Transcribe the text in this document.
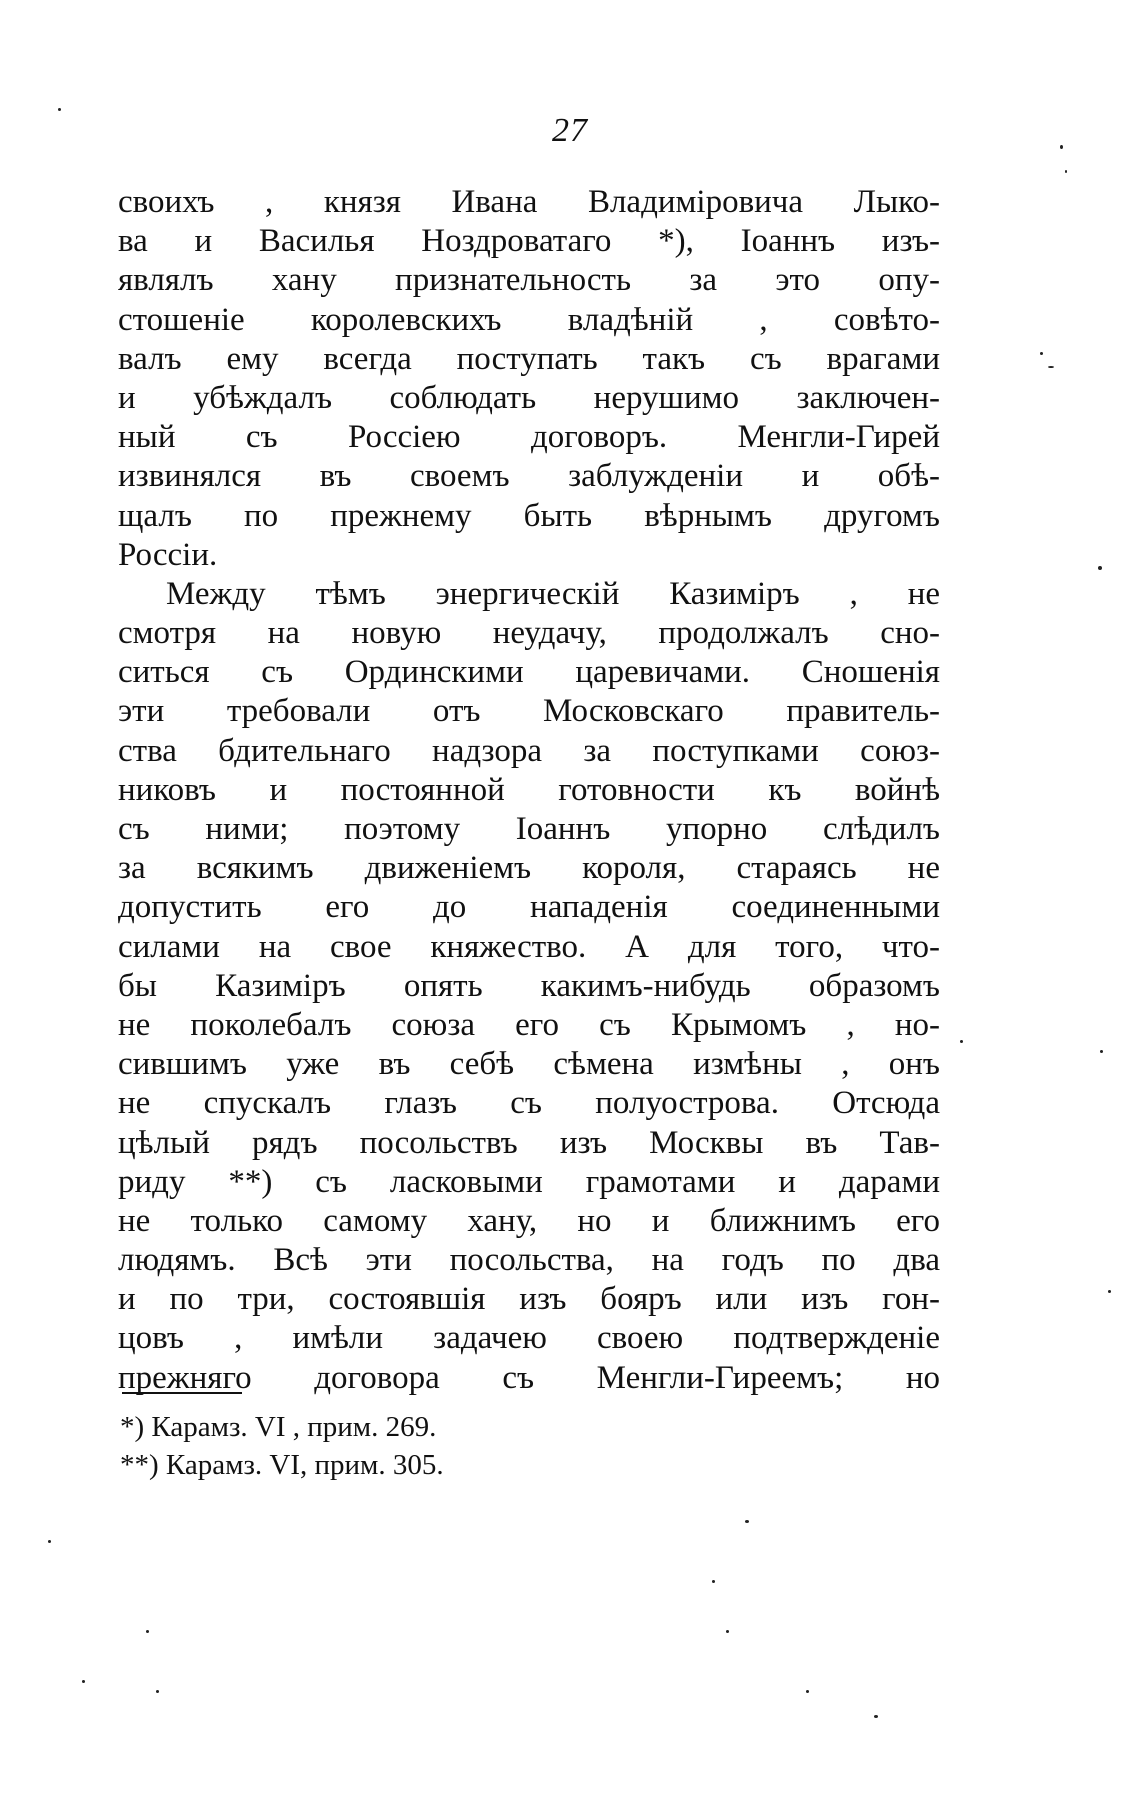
27
своихъ , князя Ивана Владимiровича Лыко-
ва и Василья Ноздроватаго *), Iоаннъ изъ-
являлъ хану признательность за это опу-
стошенiе королевскихъ владѣнiй , совѣто-
валъ ему всегда поступать такъ съ врагами
и убѣждалъ соблюдать нерушимо заключен-
ный съ Россiею договоръ. Менгли-Гирей
извинялся въ своемъ заблужденiи и обѣ-
щалъ по прежнему быть вѣрнымъ другомъ
Россiи.
Между тѣмъ энергическiй Казимiръ , не
смотря на новую неудачу, продолжалъ сно-
ситься съ Ординскими царевичами. Сношенiя
эти требовали отъ Московскаго правитель-
ства бдительнаго надзора за поступками союз-
никовъ и постоянной готовности къ войнѣ
съ ними; поэтому Iоаннъ упорно слѣдилъ
за всякимъ движенiемъ короля, стараясь не
допустить его до нападенiя соединенными
силами на свое княжество. А для того, что-
бы Казимiръ опять какимъ-нибудь образомъ
не поколебалъ союза его съ Крымомъ , но-
сившимъ уже въ себѣ сѣмена измѣны , онъ
не спускалъ глазъ съ полуострова. Отсюда
цѣлый рядъ посольствъ изъ Москвы въ Тав-
риду **) съ ласковыми грамотами и дарами
не только самому хану, но и ближнимъ его
людямъ. Всѣ эти посольства, на годъ по два
и по три, состоявшiя изъ бояръ или изъ гон-
цовъ , имѣли задачею своею подтвержденiе
прежняго договора съ Менгли-Гиреемъ; но
*) Карамз. VI , прим. 269.
**) Карамз. VI, прим. 305.
